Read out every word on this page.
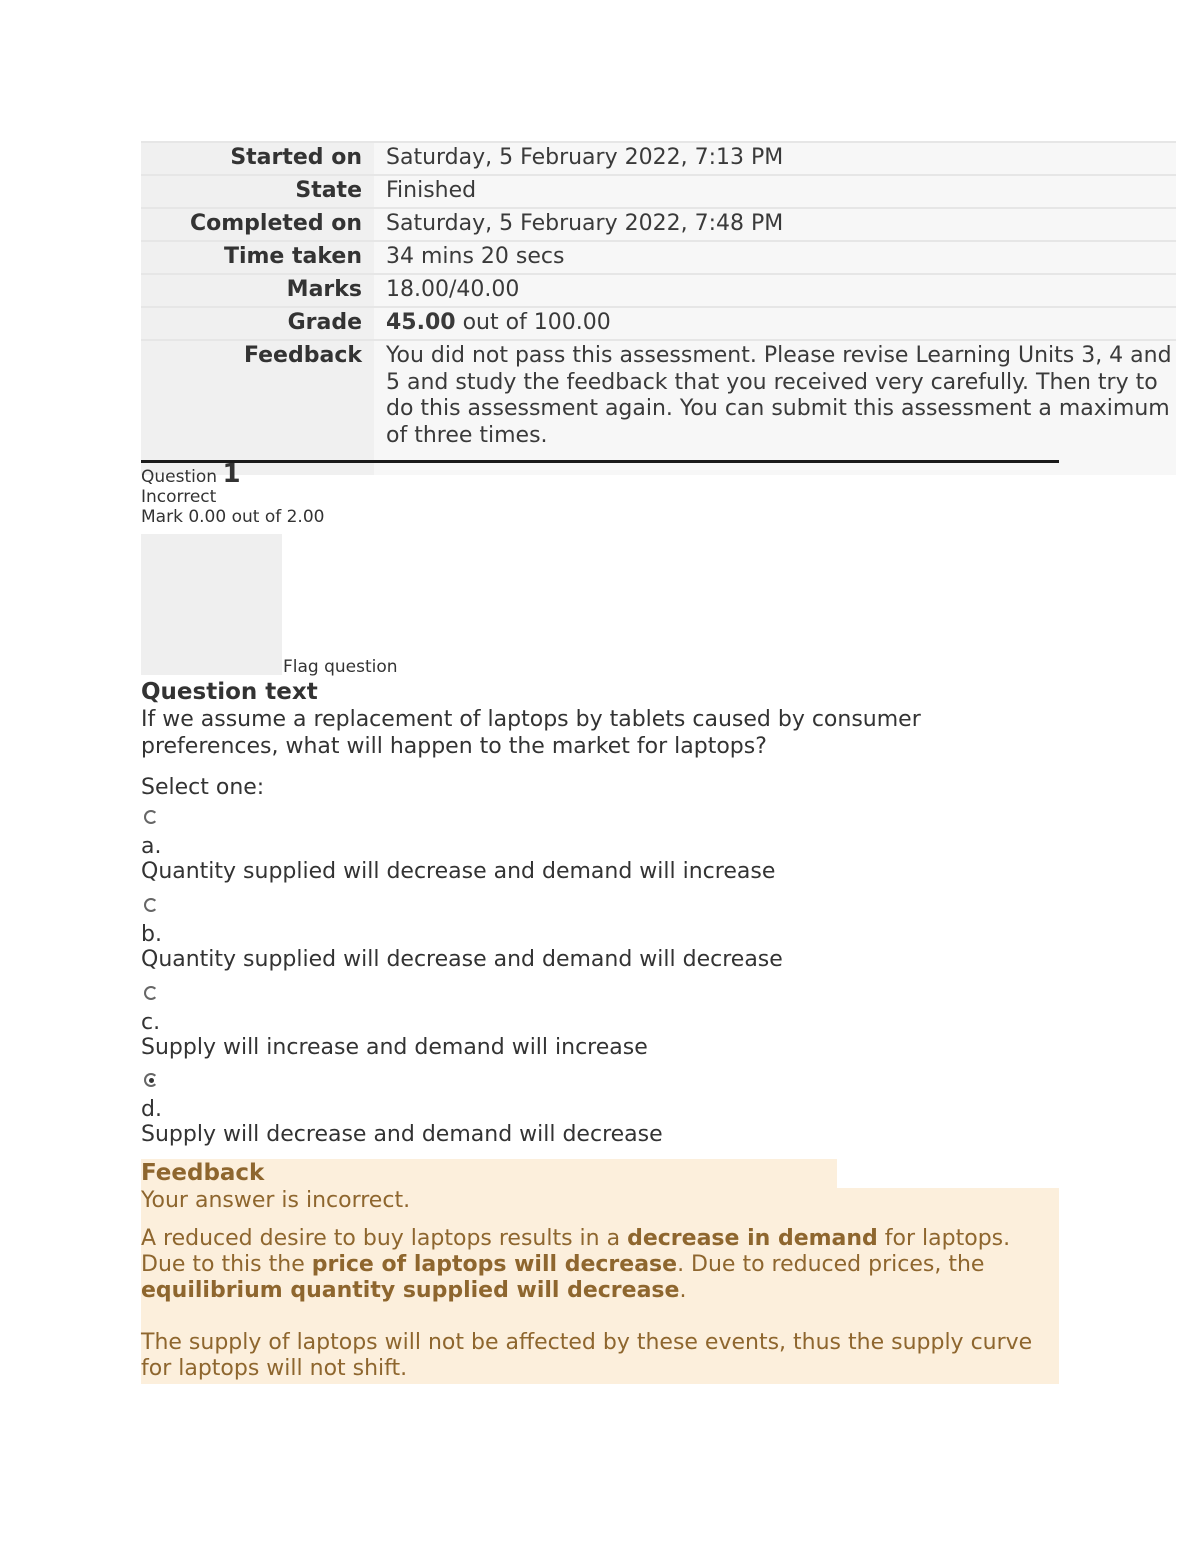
Started on	Saturday, 5 February 2022, 7:13 PM
State	Finished
Completed on	Saturday, 5 February 2022, 7:48 PM
Time taken	34 mins 20 secs
Marks	18.00/40.00
Grade	45.00 out of 100.00
Feedback	You did not pass this assessment. Please revise Learning Units 3, 4 and 5 and study the feedback that you received very carefully. Then try to do this assessment again. You can submit this assessment a maximum of three times.
Question 1
Incorrect
Mark 0.00 out of 2.00
Flag question
Question text
If we assume a replacement of laptops by tablets caused by consumer preferences, what will happen to the market for laptops?
Select one:
a.
Quantity supplied will decrease and demand will increase
b.
Quantity supplied will decrease and demand will decrease
c.
Supply will increase and demand will increase
d.
Supply will decrease and demand will decrease
Feedback

Your answer is incorrect.

A reduced desire to buy laptops results in a decrease in demand for laptops. Due to this the price of laptops will decrease. Due to reduced prices, the equilibrium quantity supplied will decrease.

The supply of laptops will not be affected by these events, thus the supply curve for laptops will not shift.
